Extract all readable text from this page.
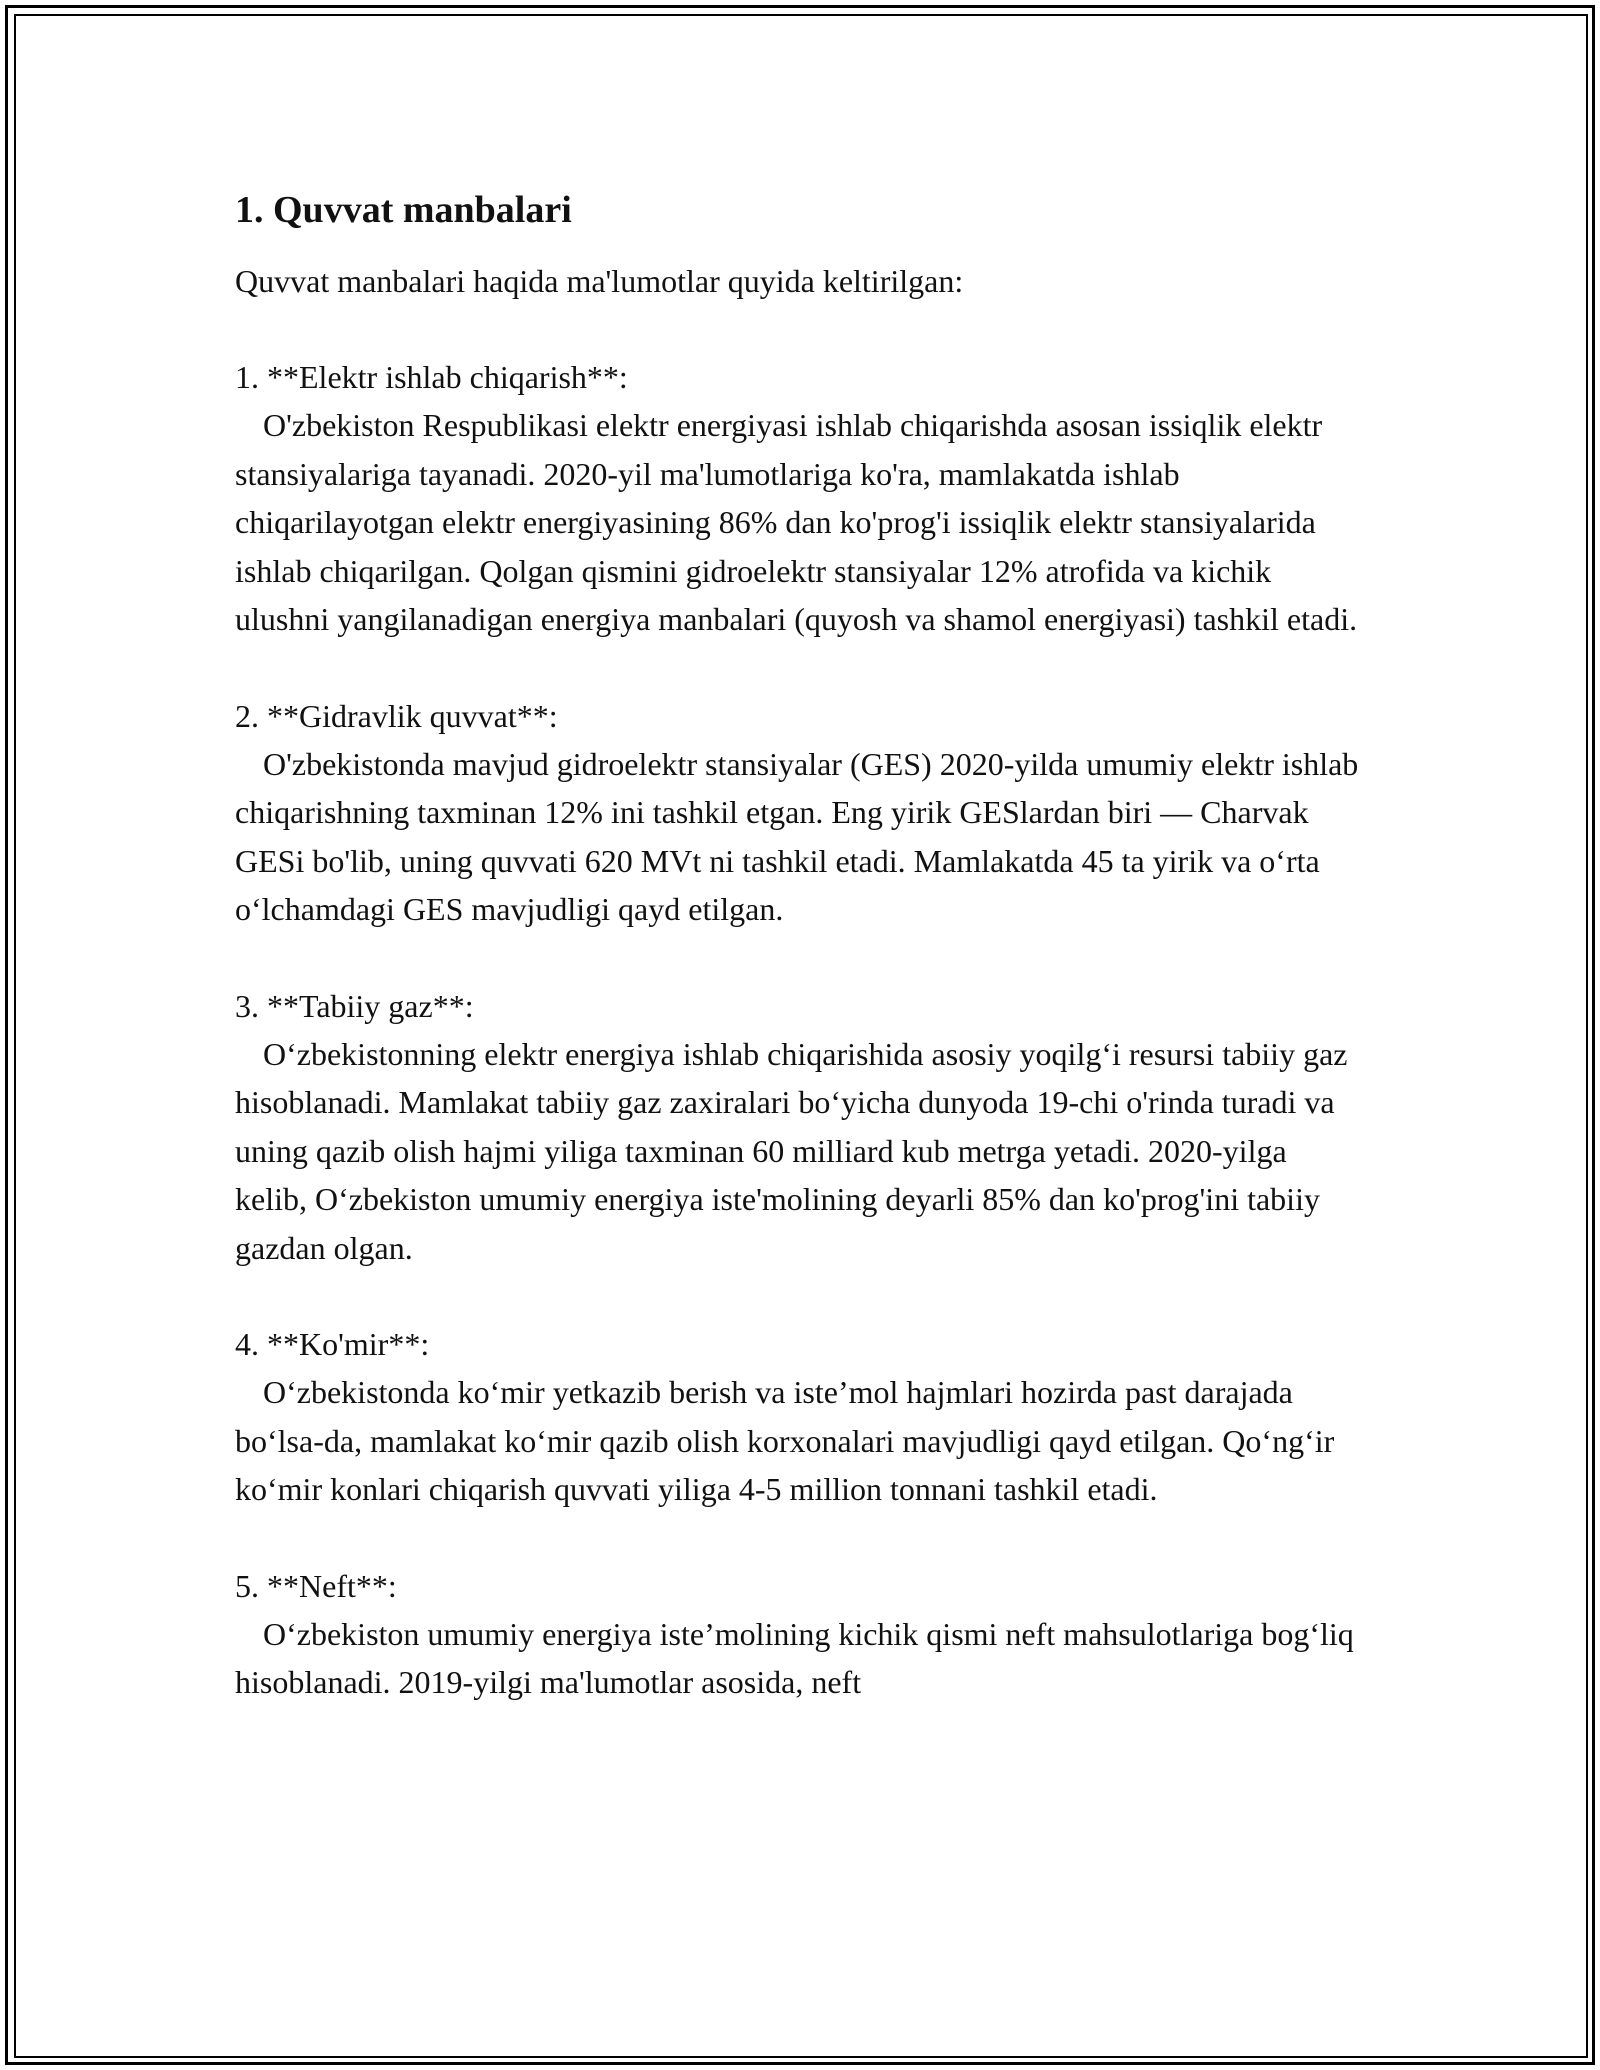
1. Quvvat manbalari

Quvvat manbalari haqida ma'lumotlar quyida keltirilgan:

1. **Elektr ishlab chiqarish**:

O'zbekiston Respublikasi elektr energiyasi ishlab chiqarishda asosan issiqlik elektr stansiyalariga tayanadi. 2020-yil ma'lumotlariga ko'ra, mamlakatda ishlab chiqarilayotgan elektr energiyasining 86% dan ko'prog'i issiqlik elektr stansiyalarida ishlab chiqarilgan. Qolgan qismini gidroelektr stansiyalar 12% atrofida va kichik ulushni yangilanadigan energiya manbalari (quyosh va shamol energiyasi) tashkil etadi.

2. **Gidravlik quvvat**:

O'zbekistonda mavjud gidroelektr stansiyalar (GES) 2020-yilda umumiy elektr ishlab chiqarishning taxminan 12% ini tashkil etgan. Eng yirik GESlardan biri — Charvak GESi bo'lib, uning quvvati 620 MVt ni tashkil etadi. Mamlakatda 45 ta yirik va oʻrta oʻlchamdagi GES mavjudligi qayd etilgan.

3. **Tabiiy gaz**:

Oʻzbekistonning elektr energiya ishlab chiqarishida asosiy yoqilgʻi resursi tabiiy gaz hisoblanadi. Mamlakat tabiiy gaz zaxiralari boʻyicha dunyoda 19-chi o'rinda turadi va uning qazib olish hajmi yiliga taxminan 60 milliard kub metrga yetadi. 2020-yilga kelib, Oʻzbekiston umumiy energiya iste'molining deyarli 85% dan ko'prog'ini tabiiy gazdan olgan.

4. **Ko'mir**:

Oʻzbekistonda koʻmir yetkazib berish va iste’mol hajmlari hozirda past darajada boʻlsa-da, mamlakat koʻmir qazib olish korxonalari mavjudligi qayd etilgan. Qoʻngʻir koʻmir konlari chiqarish quvvati yiliga 4-5 million tonnani tashkil etadi.

5. **Neft**:

Oʻzbekiston umumiy energiya iste’molining kichik qismi neft mahsulotlariga bogʻliq hisoblanadi. 2019-yilgi ma'lumotlar asosida, neft
